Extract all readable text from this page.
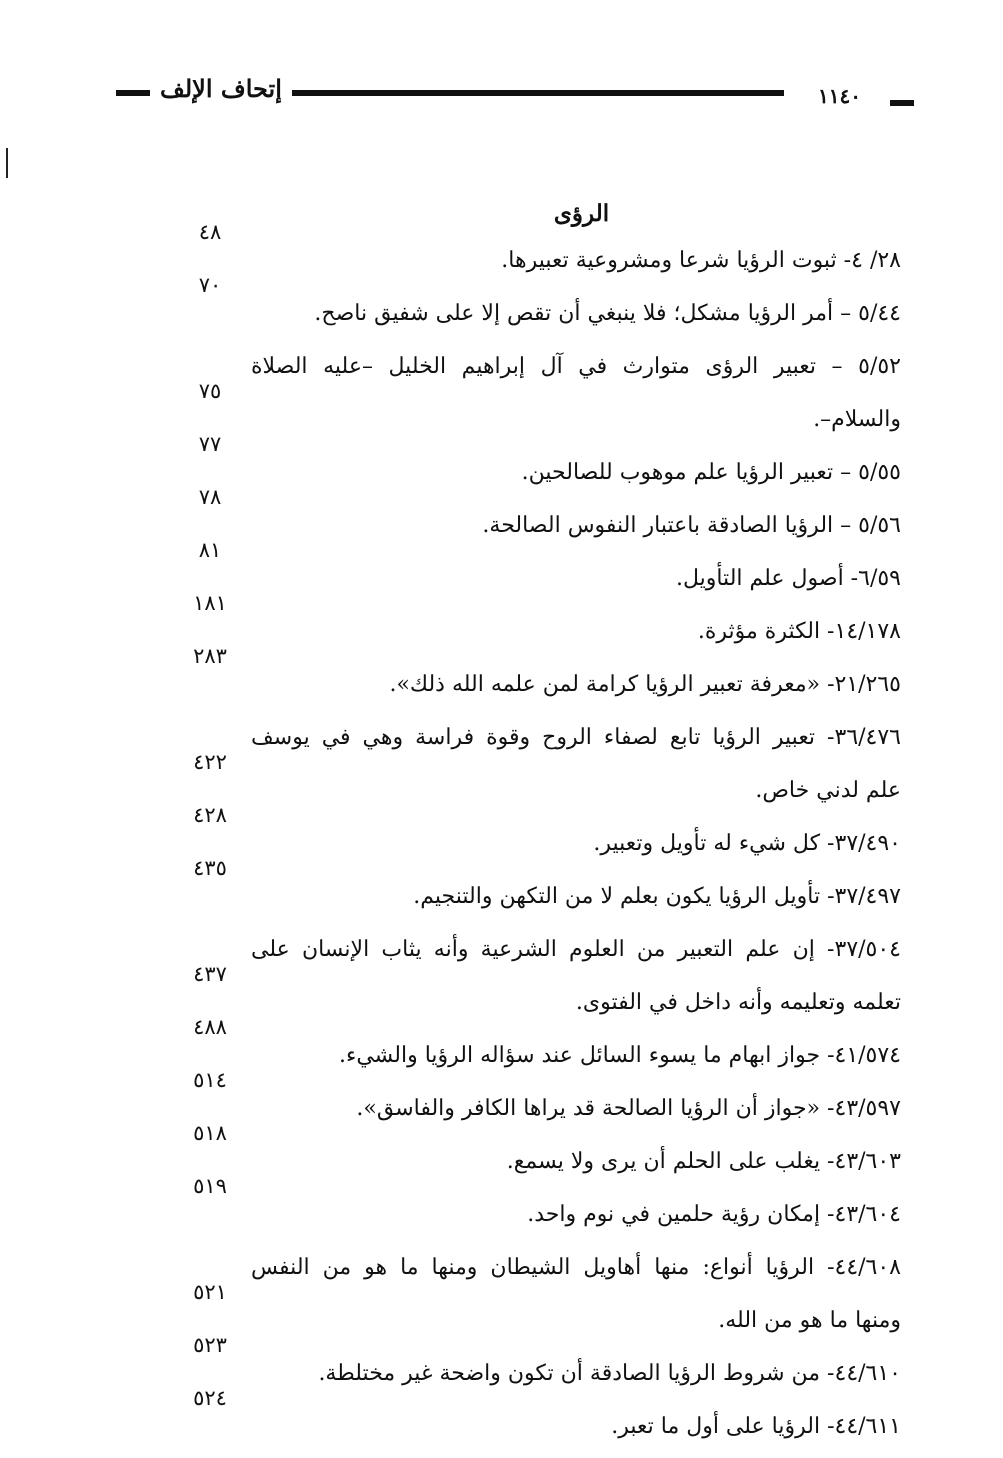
إتحاف الإلف	١١٤٠
الرؤى
٢٨/ ٤- ثبوت الرؤيا شرعا ومشروعية تعبيرها.
٤٨
٥/٤٤ – أمر الرؤيا مشكل؛ فلا ينبغي أن تقص إلا على شفيق ناصح.
٧٠
٥/٥٢ – تعبير الرؤى متوارث في آل إبراهيم الخليل –عليه الصلاة
والسلام–.
٧٥
٥/٥٥ – تعبير الرؤيا علم موهوب للصالحين.
٧٧
٥/٥٦ – الرؤيا الصادقة باعتبار النفوس الصالحة.
٧٨
٦/٥٩- أصول علم التأويل.
٨١
١٤/١٧٨- الكثرة مؤثرة.
١٨١
٢١/٢٦٥- «معرفة تعبير الرؤيا كرامة لمن علمه الله ذلك».
٢٨٣
٣٦/٤٧٦- تعبير الرؤيا تابع لصفاء الروح وقوة فراسة وهي في يوسف
علم لدني خاص.
٤٢٢
٣٧/٤٩٠- كل شيء له تأويل وتعبير.
٤٢٨
٣٧/٤٩٧- تأويل الرؤيا يكون بعلم لا من التكهن والتنجيم.
٤٣٥
٣٧/٥٠٤- إن علم التعبير من العلوم الشرعية وأنه يثاب الإنسان على
تعلمه وتعليمه وأنه داخل في الفتوى.
٤٣٧
٤١/٥٧٤- جواز ابهام ما يسوء السائل عند سؤاله الرؤيا والشيء.
٤٨٨
٤٣/٥٩٧- «جواز أن الرؤيا الصالحة قد يراها الكافر والفاسق».
٥١٤
٤٣/٦٠٣- يغلب على الحلم أن يرى ولا يسمع.
٥١٨
٤٣/٦٠٤- إمكان رؤية حلمين في نوم واحد.
٥١٩
٤٤/٦٠٨- الرؤيا أنواع: منها أهاويل الشيطان ومنها ما هو من النفس
ومنها ما هو من الله.
٥٢١
٤٤/٦١٠- من شروط الرؤيا الصادقة أن تكون واضحة غير مختلطة.
٥٢٣
٤٤/٦١١- الرؤيا على أول ما تعبر.
٥٢٤
